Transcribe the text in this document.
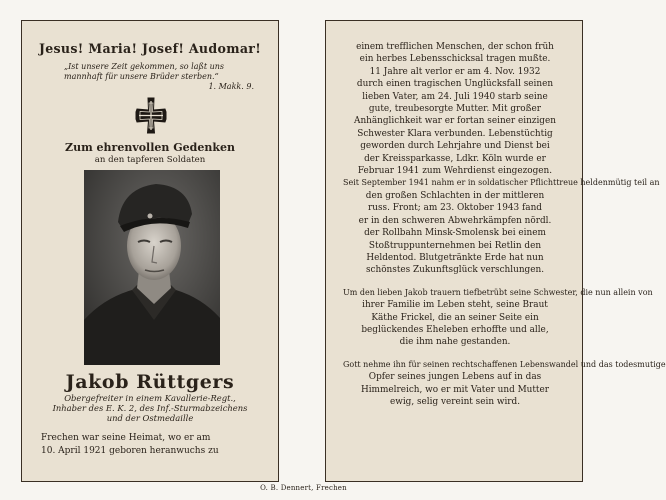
Jesus! Maria! Josef! Audomar!
„Ist unsere Zeit gekommen, so laßt uns
mannhaft für unsere Brüder sterben.“
1. Makk. 9.
Zum ehrenvollen Gedenken
an den tapferen Soldaten
Jakob Rüttgers
Obergefreiter in einem Kavallerie-Regt.,
Inhaber des E. K. 2, des Inf.-Sturmabzeichens
und der Ostmedaille
Frechen war seine Heimat, wo er am
10. April 1921 geboren heranwuchs zu
einem trefflichen Menschen, der schon früh
ein herbes Lebensschicksal tragen mußte.
11 Jahre alt verlor er am 4. Nov. 1932
durch einen tragischen Unglücksfall seinen
lieben Vater, am 24. Juli 1940 starb seine
gute, treubesorgte Mutter. Mit großer
Anhänglichkeit war er fortan seiner einzigen
Schwester Klara verbunden. Lebenstüchtig
geworden durch Lehrjahre und Dienst bei
der Kreissparkasse, Ldkr. Köln wurde er
Februar 1941 zum Wehrdienst eingezogen.
Seit September 1941 nahm er in soldatischer Pflichttreue heldenmütig teil an
den großen Schlachten in der mittleren
russ. Front; am 23. Oktober 1943 fand
er in den schweren Abwehrkämpfen nördl.
der Rollbahn Minsk-Smolensk bei einem
Stoßtruppunternehmen bei Retlin den
Heldentod. Blutgetränkte Erde hat nun
schönstes Zukunftsglück verschlungen.
Um den lieben Jakob trauern tiefbetrübt seine Schwester, die nun allein von
ihrer Familie im Leben steht, seine Braut
Käthe Frickel, die an seiner Seite ein
beglückendes Eheleben erhoffte und alle,
die ihm nahe gestanden.
Gott nehme ihn für seinen rechtschaffenen Lebenswandel und das todesmutige
Opfer seines jungen Lebens auf in das
Himmelreich, wo er mit Vater und Mutter
ewig, selig vereint sein wird.
O. B. Dennert, Frechen
